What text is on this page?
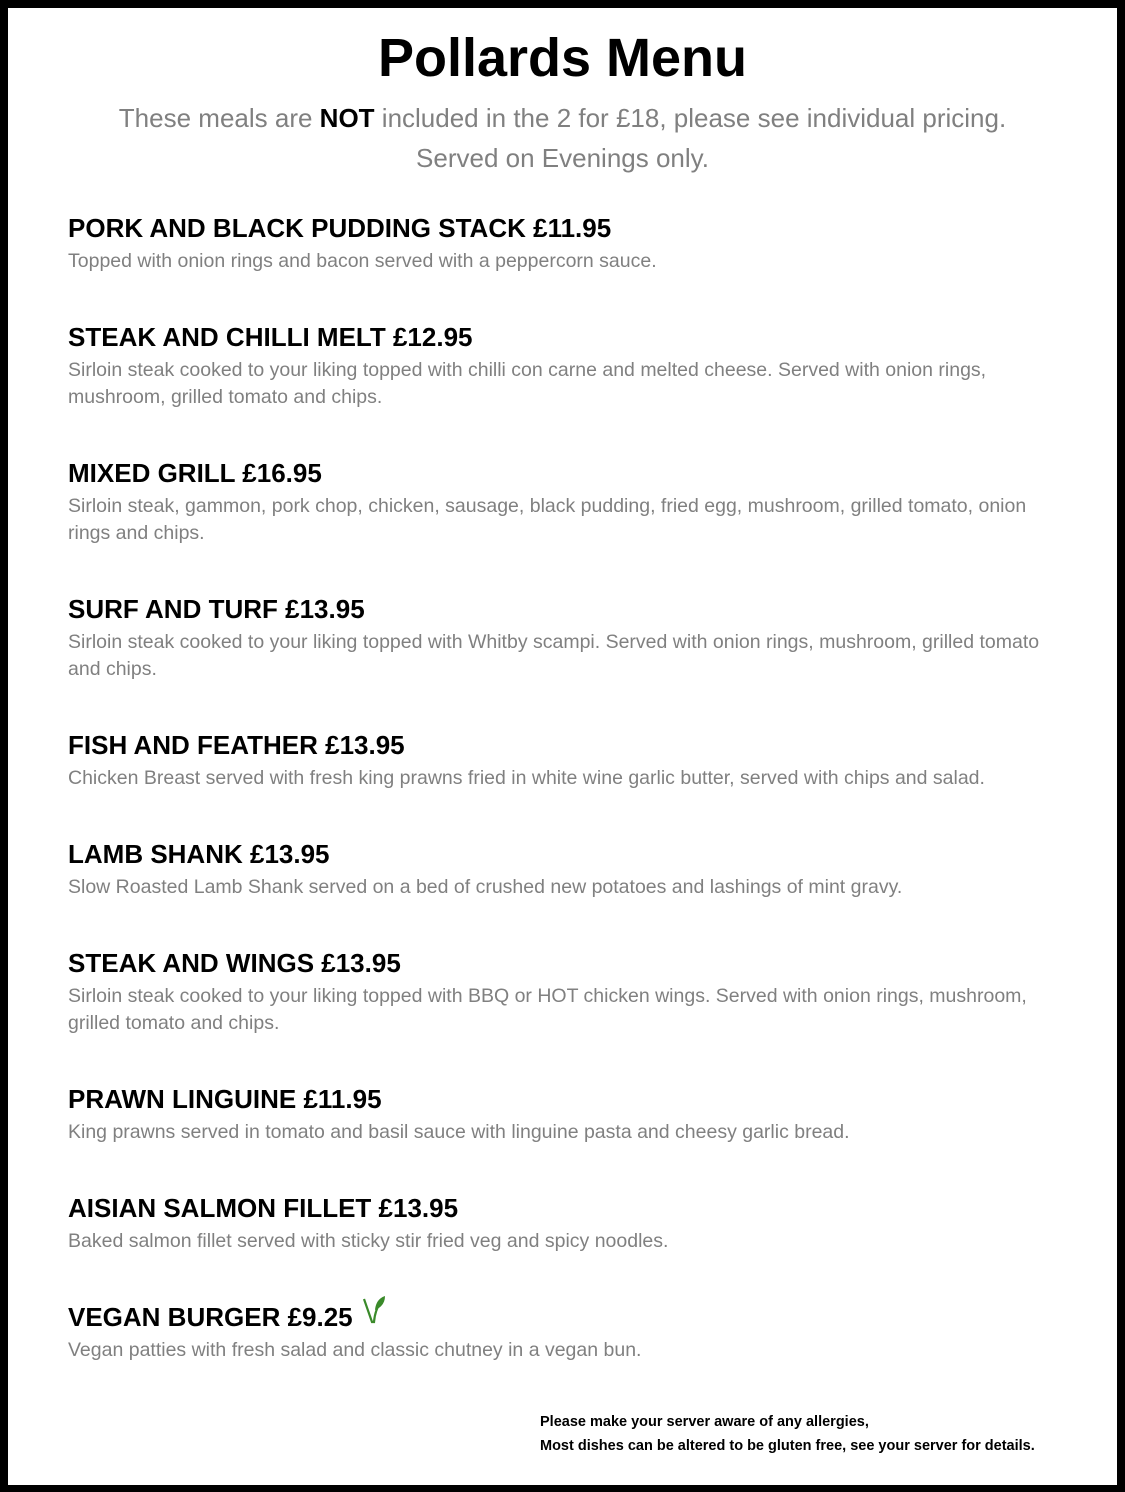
Pollards Menu
These meals are NOT included in the 2 for £18, please see individual pricing. Served on Evenings only.
PORK AND BLACK PUDDING STACK £11.95

Topped with onion rings and bacon served with a peppercorn sauce.

STEAK AND CHILLI MELT £12.95

Sirloin steak cooked to your liking topped with chilli con carne and melted cheese. Served with onion rings, mushroom, grilled tomato and chips.

MIXED GRILL £16.95

Sirloin steak, gammon, pork chop, chicken, sausage, black pudding, fried egg, mushroom, grilled tomato, onion rings and chips.

SURF AND TURF £13.95

Sirloin steak cooked to your liking topped with Whitby scampi. Served with onion rings, mushroom, grilled tomato and chips.

FISH AND FEATHER £13.95

Chicken Breast served with fresh king prawns fried in white wine garlic butter, served with chips and salad.

LAMB SHANK £13.95

Slow Roasted Lamb Shank served on a bed of crushed new potatoes and lashings of mint gravy.

STEAK AND WINGS £13.95

Sirloin steak cooked to your liking topped with BBQ or HOT chicken wings. Served with onion rings, mushroom, grilled tomato and chips.

PRAWN LINGUINE £11.95

King prawns served in tomato and basil sauce with linguine pasta and cheesy garlic bread.

AISIAN SALMON FILLET £13.95

Baked salmon fillet served with sticky stir fried veg and spicy noodles.

VEGAN BURGER £9.25

Vegan patties with fresh salad and classic chutney in a vegan bun.

Please make your server aware of any allergies,
Most dishes can be altered to be gluten free, see your server for details.
